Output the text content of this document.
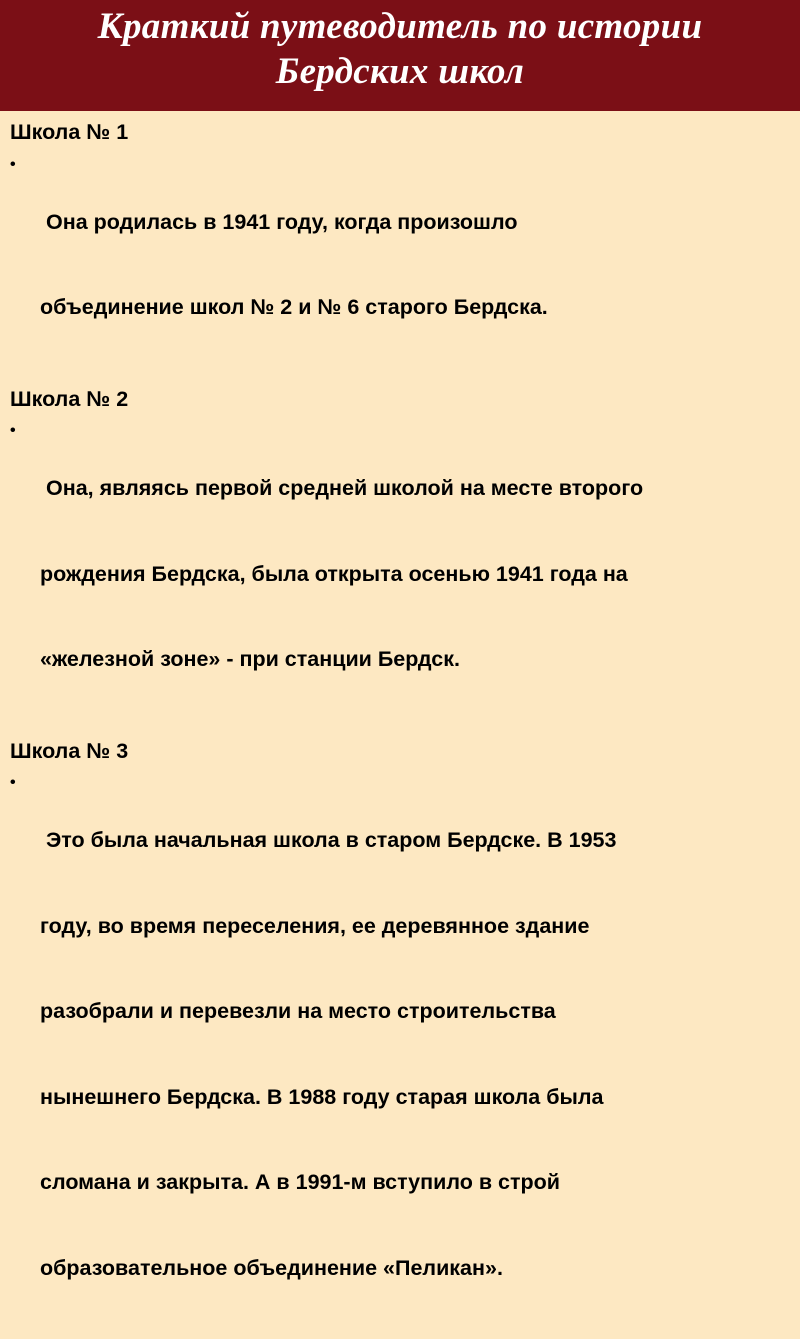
Краткий путеводитель по истории
Бердских школ

Школа № 1

•

Она родилась в 1941 году, когда произошло

объединение школ № 2 и № 6 старого Бердска.

Школа № 2

•

Она, являясь первой средней школой на месте второго

рождения Бердска, была открыта осенью 1941 года на

«железной зоне» - при станции Бердск.

Школа № 3

•

Это была начальная школа в старом Бердске. В 1953

году, во время переселения, ее деревянное здание

разобрали и перевезли на место строительства

нынешнего Бердска. В 1988 году старая школа была

сломана и закрыта. А в 1991-м вступило в строй

образовательное объединение «Пеликан».
